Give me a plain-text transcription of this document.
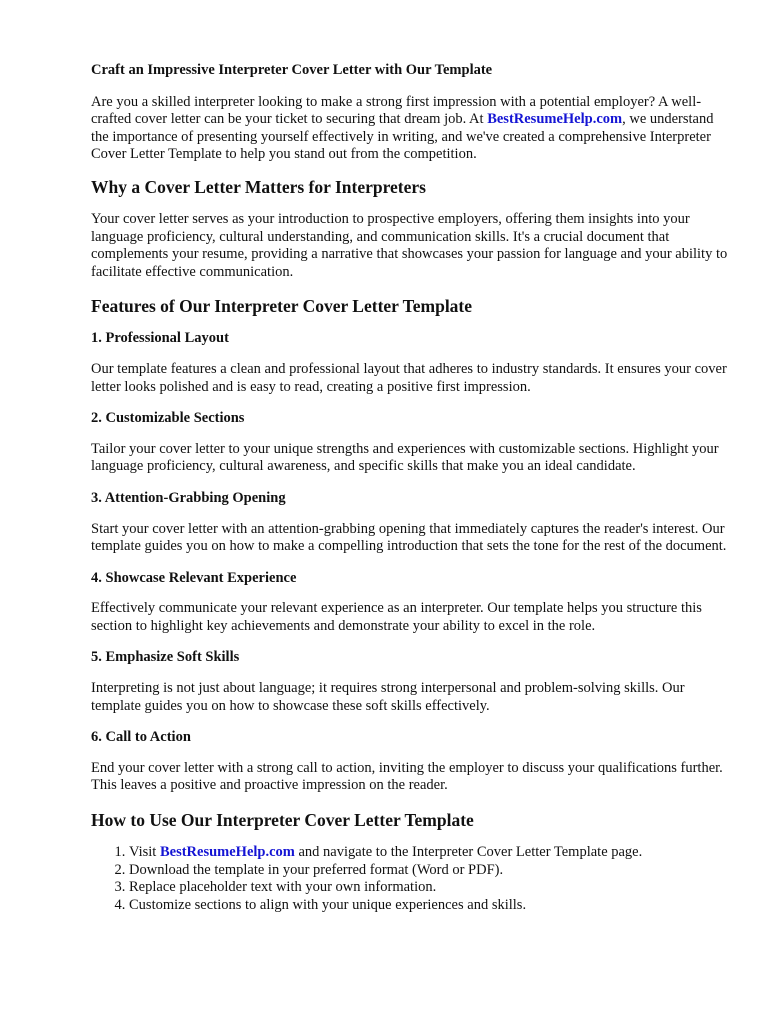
Craft an Impressive Interpreter Cover Letter with Our Template

Are you a skilled interpreter looking to make a strong first impression with a potential employer? A well-crafted cover letter can be your ticket to securing that dream job. At BestResumeHelp.com, we understand the importance of presenting yourself effectively in writing, and we've created a comprehensive Interpreter Cover Letter Template to help you stand out from the competition.

Why a Cover Letter Matters for Interpreters

Your cover letter serves as your introduction to prospective employers, offering them insights into your language proficiency, cultural understanding, and communication skills. It's a crucial document that complements your resume, providing a narrative that showcases your passion for language and your ability to facilitate effective communication.

Features of Our Interpreter Cover Letter Template
1. Professional Layout

Our template features a clean and professional layout that adheres to industry standards. It ensures your cover letter looks polished and is easy to read, creating a positive first impression.

2. Customizable Sections

Tailor your cover letter to your unique strengths and experiences with customizable sections. Highlight your language proficiency, cultural awareness, and specific skills that make you an ideal candidate.

3. Attention-Grabbing Opening

Start your cover letter with an attention-grabbing opening that immediately captures the reader's interest. Our template guides you on how to make a compelling introduction that sets the tone for the rest of the document.

4. Showcase Relevant Experience

Effectively communicate your relevant experience as an interpreter. Our template helps you structure this section to highlight key achievements and demonstrate your ability to excel in the role.

5. Emphasize Soft Skills

Interpreting is not just about language; it requires strong interpersonal and problem-solving skills. Our template guides you on how to showcase these soft skills effectively.

6. Call to Action

End your cover letter with a strong call to action, inviting the employer to discuss your qualifications further. This leaves a positive and proactive impression on the reader.

How to Use Our Interpreter Cover Letter Template
1. Visit BestResumeHelp.com and navigate to the Interpreter Cover Letter Template page.
2. Download the template in your preferred format (Word or PDF).
3. Replace placeholder text with your own information.
4. Customize sections to align with your unique experiences and skills.
